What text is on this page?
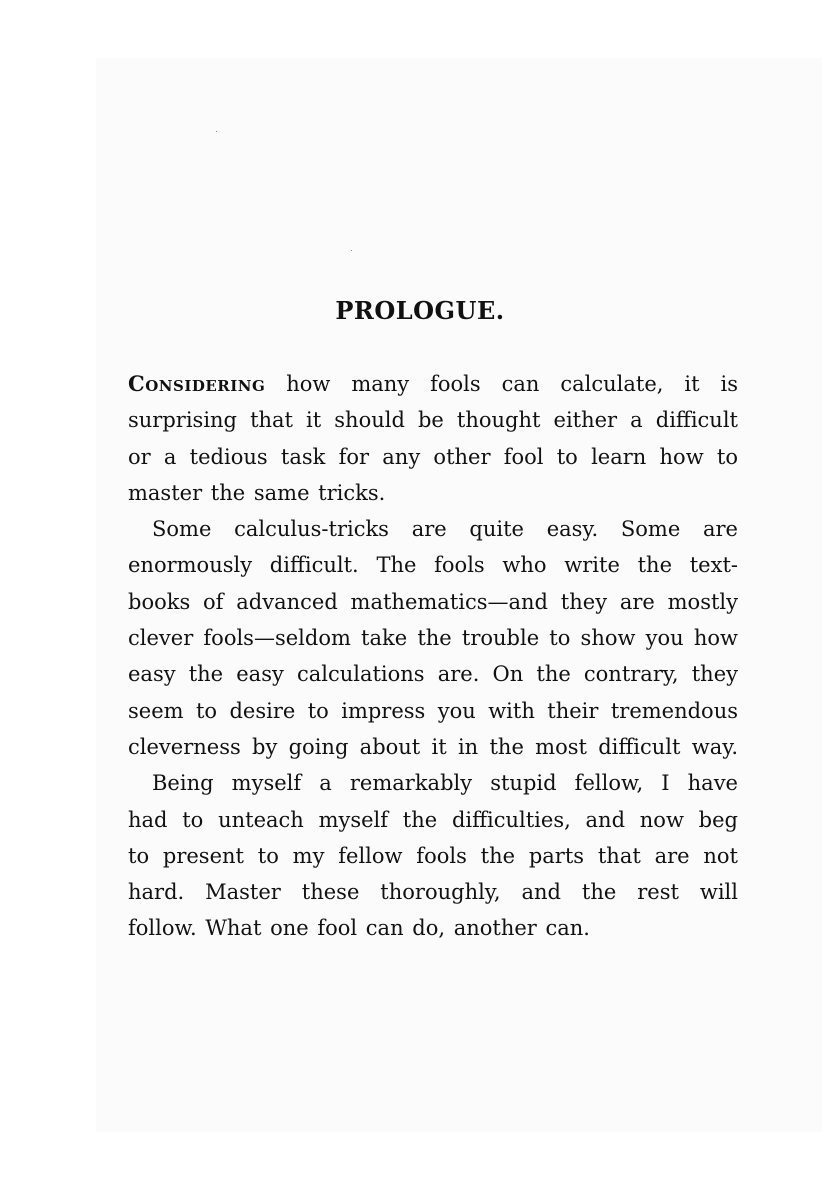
PROLOGUE.
Considering how many fools can calculate, it is
surprising that it should be thought either a difficult
or a tedious task for any other fool to learn how to
master the same tricks.
Some calculus-tricks are quite easy. Some are
enormously difficult. The fools who write the text-
books of advanced mathematics—and they are mostly
clever fools—seldom take the trouble to show you how
easy the easy calculations are. On the contrary, they
seem to desire to impress you with their tremendous
cleverness by going about it in the most difficult way.
Being myself a remarkably stupid fellow, I have
had to unteach myself the difficulties, and now beg
to present to my fellow fools the parts that are not
hard. Master these thoroughly, and the rest will
follow. What one fool can do, another can.
